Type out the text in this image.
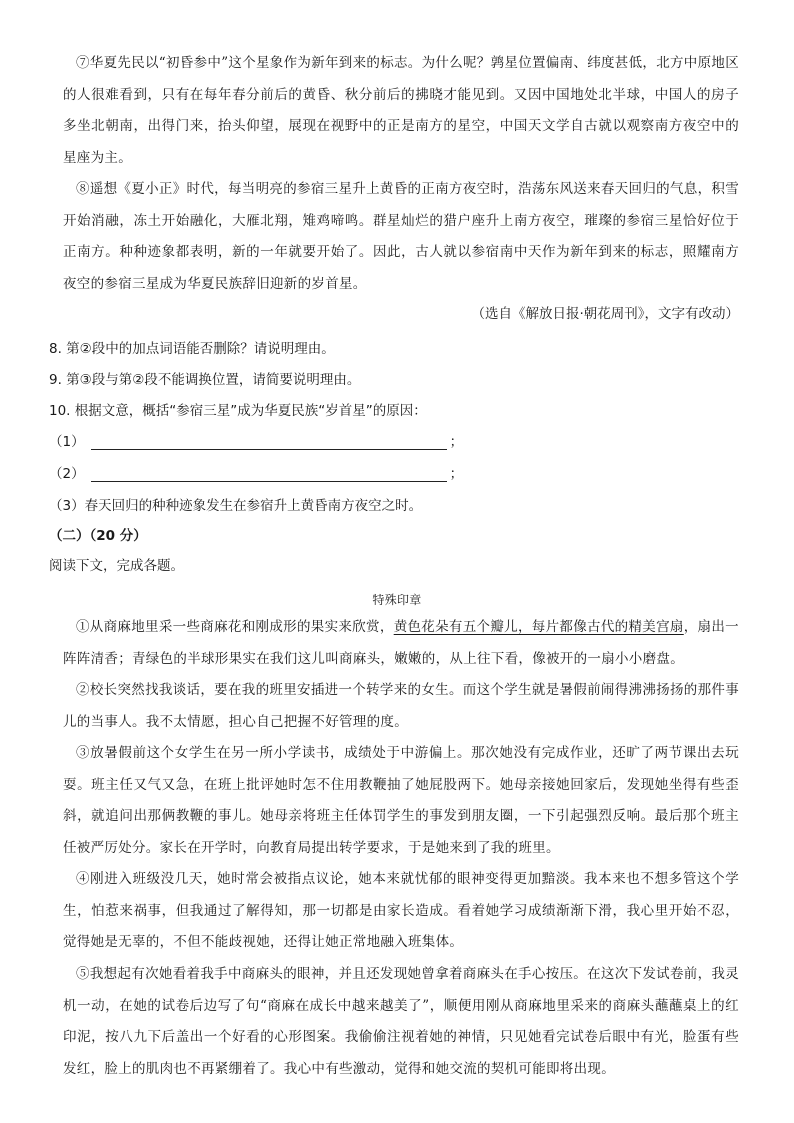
⑦华夏先民以“初昏参中”这个星象作为新年到来的标志。为什么呢？鹑星位置偏南、纬度甚低，北方中原地区的人很难看到，只有在每年春分前后的黄昏、秋分前后的拂晓才能见到。又因中国地处北半球，中国人的房子多坐北朝南，出得门来，抬头仰望，展现在视野中的正是南方的星空，中国天文学自古就以观察南方夜空中的星座为主。

⑧遥想《夏小正》时代，每当明亮的参宿三星升上黄昏的正南方夜空时，浩荡东风送来春天回归的气息，积雪开始消融，冻土开始融化，大雁北翔，雉鸡啼鸣。群星灿烂的猎户座升上南方夜空，璀璨的参宿三星恰好位于正南方。种种迹象都表明，新的一年就要开始了。因此，古人就以参宿南中天作为新年到来的标志，照耀南方夜空的参宿三星成为华夏民族辞旧迎新的岁首星。

（选自《解放日报·朝花周刊》，文字有改动）

8. 第②段中的加点词语能否删除？请说明理由。

9. 第③段与第②段不能调换位置，请简要说明理由。

10. 根据文意，概括“参宿三星”成为华夏民族“岁首星”的原因：

（1）	；
（2）	；

（3）春天回归的种种迹象发生在参宿升上黄昏南方夜空之时。

（二）（20 分）

阅读下文，完成各题。

特殊印章

①从商麻地里采一些商麻花和刚成形的果实来欣赏，黄色花朵有五个瓣儿，每片都像古代的精美宫扇，扇出一阵阵清香；青绿色的半球形果实在我们这儿叫商麻头，嫩嫩的，从上往下看，像被开的一扇小小磨盘。

②校长突然找我谈话，要在我的班里安插进一个转学来的女生。而这个学生就是暑假前闹得沸沸扬扬的那件事儿的当事人。我不太情愿，担心自己把握不好管理的度。

③放暑假前这个女学生在另一所小学读书，成绩处于中游偏上。那次她没有完成作业，还旷了两节课出去玩耍。班主任又气又急，在班上批评她时怎不住用教鞭抽了她屁股两下。她母亲接她回家后，发现她坐得有些歪斜，就追问出那俩教鞭的事儿。她母亲将班主任体罚学生的事发到朋友圈，一下引起强烈反响。最后那个班主任被严厉处分。家长在开学时，向教育局提出转学要求，于是她来到了我的班里。

④刚进入班级没几天，她时常会被指点议论，她本来就忧郁的眼神变得更加黯淡。我本来也不想多管这个学生，怕惹来祸事，但我通过了解得知，那一切都是由家长造成。看着她学习成绩渐渐下滑，我心里开始不忍，觉得她是无辜的，不但不能歧视她，还得让她正常地融入班集体。

⑤我想起有次她看着我手中商麻头的眼神，并且还发现她曾拿着商麻头在手心按压。在这次下发试卷前，我灵机一动，在她的试卷后边写了句“商麻在成长中越来越美了”，顺便用刚从商麻地里采来的商麻头蘸蘸桌上的红印泥，按八九下后盖出一个好看的心形图案。我偷偷注视着她的神情，只见她看完试卷后眼中有光，脸蛋有些发红，脸上的肌肉也不再紧绷着了。我心中有些激动，觉得和她交流的契机可能即将出现。
